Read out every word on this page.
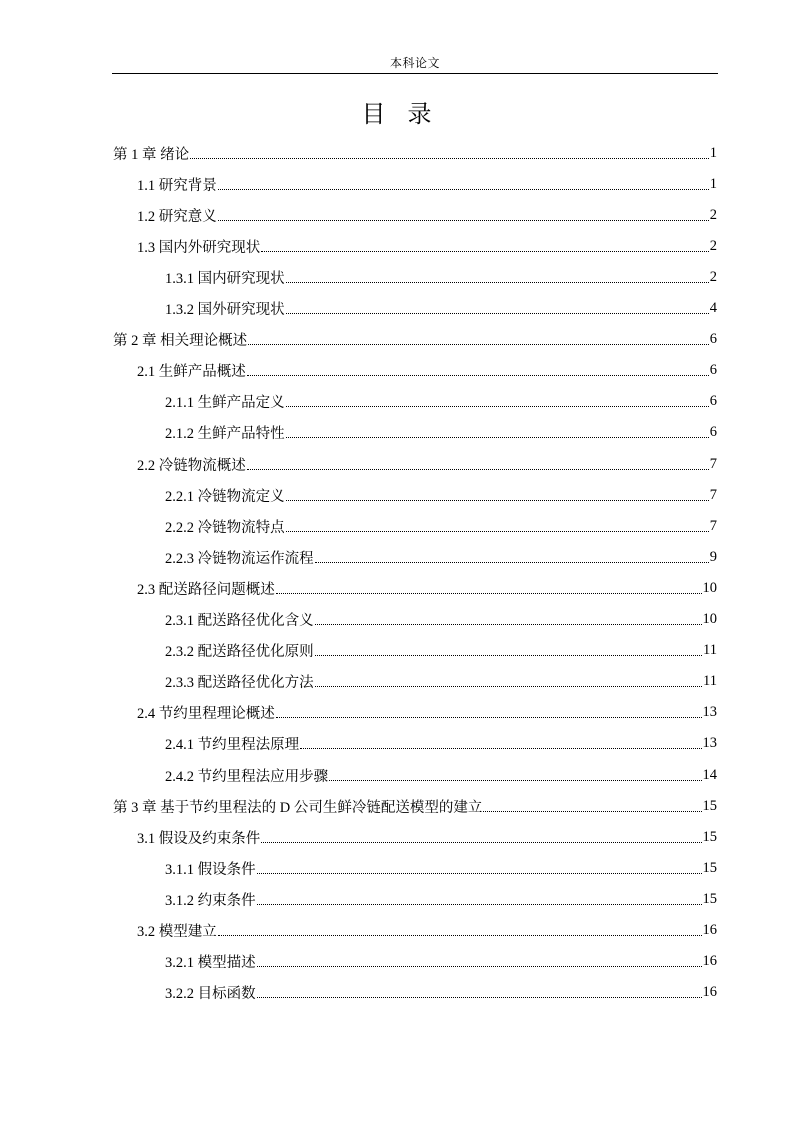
本科论文
目录
第 1 章 绪论	1
1.1 研究背景	1
1.2 研究意义	2
1.3 国内外研究现状	2
1.3.1 国内研究现状	2
1.3.2 国外研究现状	4
第 2 章 相关理论概述	6
2.1 生鲜产品概述	6
2.1.1 生鲜产品定义	6
2.1.2 生鲜产品特性	6
2.2 冷链物流概述	7
2.2.1 冷链物流定义	7
2.2.2 冷链物流特点	7
2.2.3 冷链物流运作流程	9
2.3 配送路径问题概述	10
2.3.1 配送路径优化含义	10
2.3.2 配送路径优化原则	11
2.3.3 配送路径优化方法	11
2.4 节约里程理论概述	13
2.4.1 节约里程法原理	13
2.4.2 节约里程法应用步骤	14
第 3 章 基于节约里程法的 D 公司生鲜冷链配送模型的建立	15
3.1 假设及约束条件	15
3.1.1 假设条件	15
3.1.2 约束条件	15
3.2 模型建立	16
3.2.1 模型描述	16
3.2.2 目标函数	16
